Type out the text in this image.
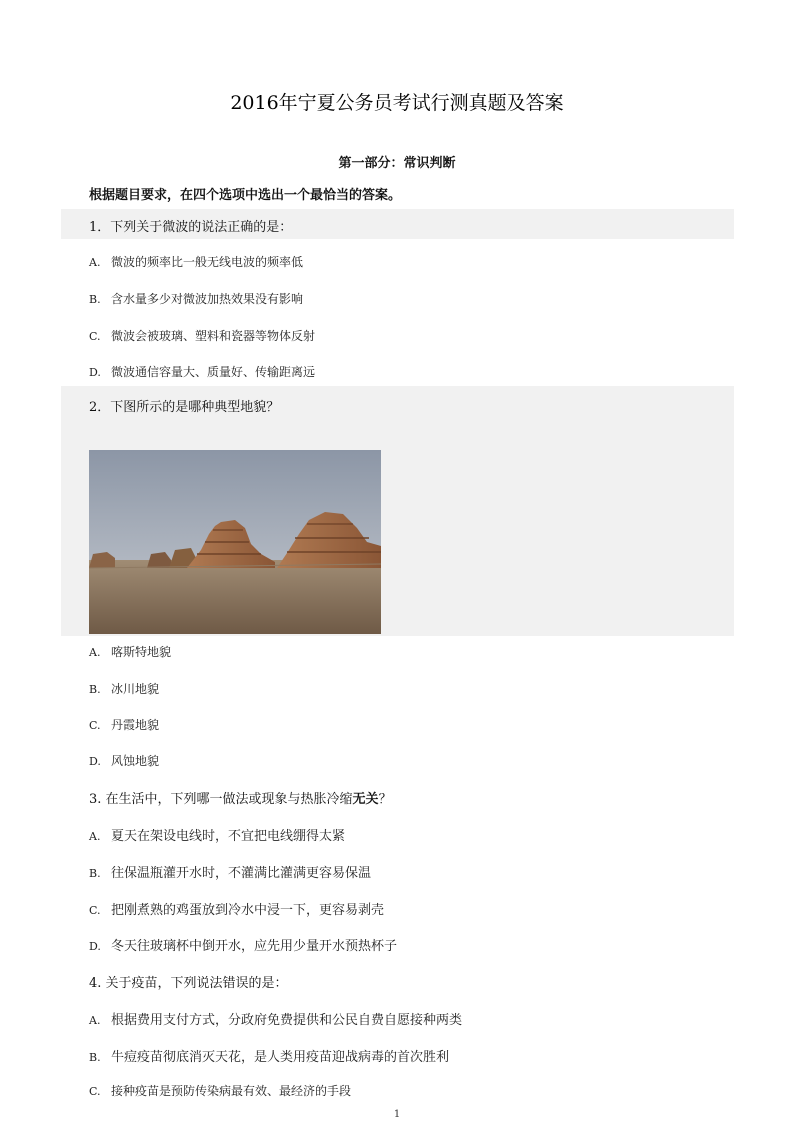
2016年宁夏公务员考试行测真题及答案
第一部分：常识判断
根据题目要求，在四个选项中选出一个最恰当的答案。
1．下列关于微波的说法正确的是：
A. 微波的频率比一般无线电波的频率低
B. 含水量多少对微波加热效果没有影响
C. 微波会被玻璃、塑料和瓷器等物体反射
D. 微波通信容量大、质量好、传输距离远
2．下图所示的是哪种典型地貌？
A. 喀斯特地貌
B. 冰川地貌
C. 丹霞地貌
D. 风蚀地貌
3. 在生活中，下列哪一做法或现象与热胀冷缩无关？
A. 夏天在架设电线时，不宜把电线绷得太紧
B. 往保温瓶灌开水时，不灌满比灌满更容易保温
C. 把刚煮熟的鸡蛋放到冷水中浸一下，更容易剥壳
D. 冬天往玻璃杯中倒开水，应先用少量开水预热杯子
4. 关于疫苗，下列说法错误的是：
A. 根据费用支付方式，分政府免费提供和公民自费自愿接种两类
B. 牛痘疫苗彻底消灭天花，是人类用疫苗迎战病毒的首次胜利
C. 接种疫苗是预防传染病最有效、最经济的手段
1
